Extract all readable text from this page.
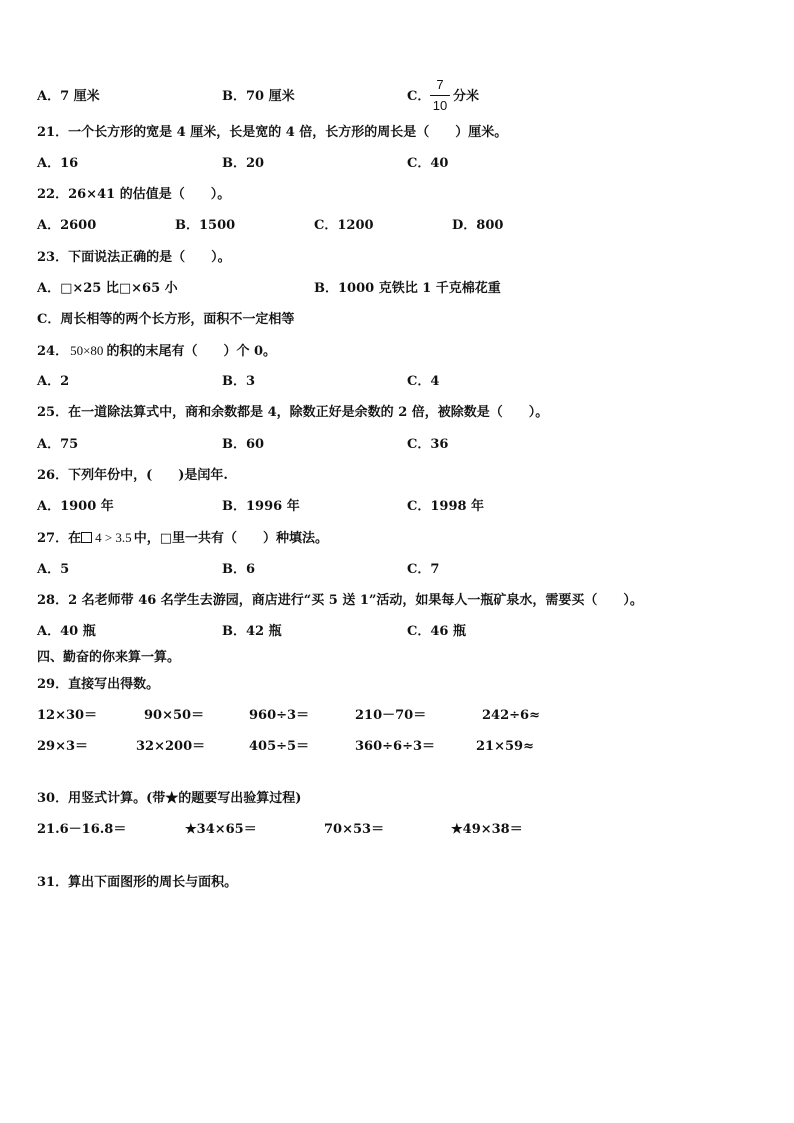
A．7 厘米	B．70 厘米	C．
7
10
分米
21．一个长方形的宽是 4 厘米，长是宽的 4 倍，长方形的周长是（　　）厘米。
A．16	B．20	C．40
22．26×41 的估值是（　　）。
A．2600	B．1500	C．1200	D．800
23．下面说法正确的是（　　）。
A．□×25 比□×65 小	B．1000 克铁比 1 千克棉花重
C．周长相等的两个长方形，面积不一定相等
24． 50×80 的积的末尾有（　　）个 0。
A．2	B．3	C．4
25．在一道除法算式中，商和余数都是 4，除数正好是余数的 2 倍，被除数是（　　）。
A．75	B．60	C．36
26．下列年份中，(　　)是闰年.
A．1900 年	B．1996 年	C．1998 年
27．在 4 > 3.5 中，□里一共有（　　）种填法。
A．5	B．6	C．7
28．2 名老师带 46 名学生去游园，商店进行“买 5 送 1”活动，如果每人一瓶矿泉水，需要买（　　）。
A．40 瓶	B．42 瓶	C．46 瓶
四、勤奋的你来算一算。
29．直接写出得数。
12×30＝	90×50＝	960÷3＝	210－70＝	242÷6≈
29×3＝	32×200＝	405÷5＝	360÷6÷3＝	21×59≈
30．用竖式计算。(带★的题要写出验算过程)
21.6－16.8＝	★34×65＝	70×53＝	★49×38＝
31．算出下面图形的周长与面积。
